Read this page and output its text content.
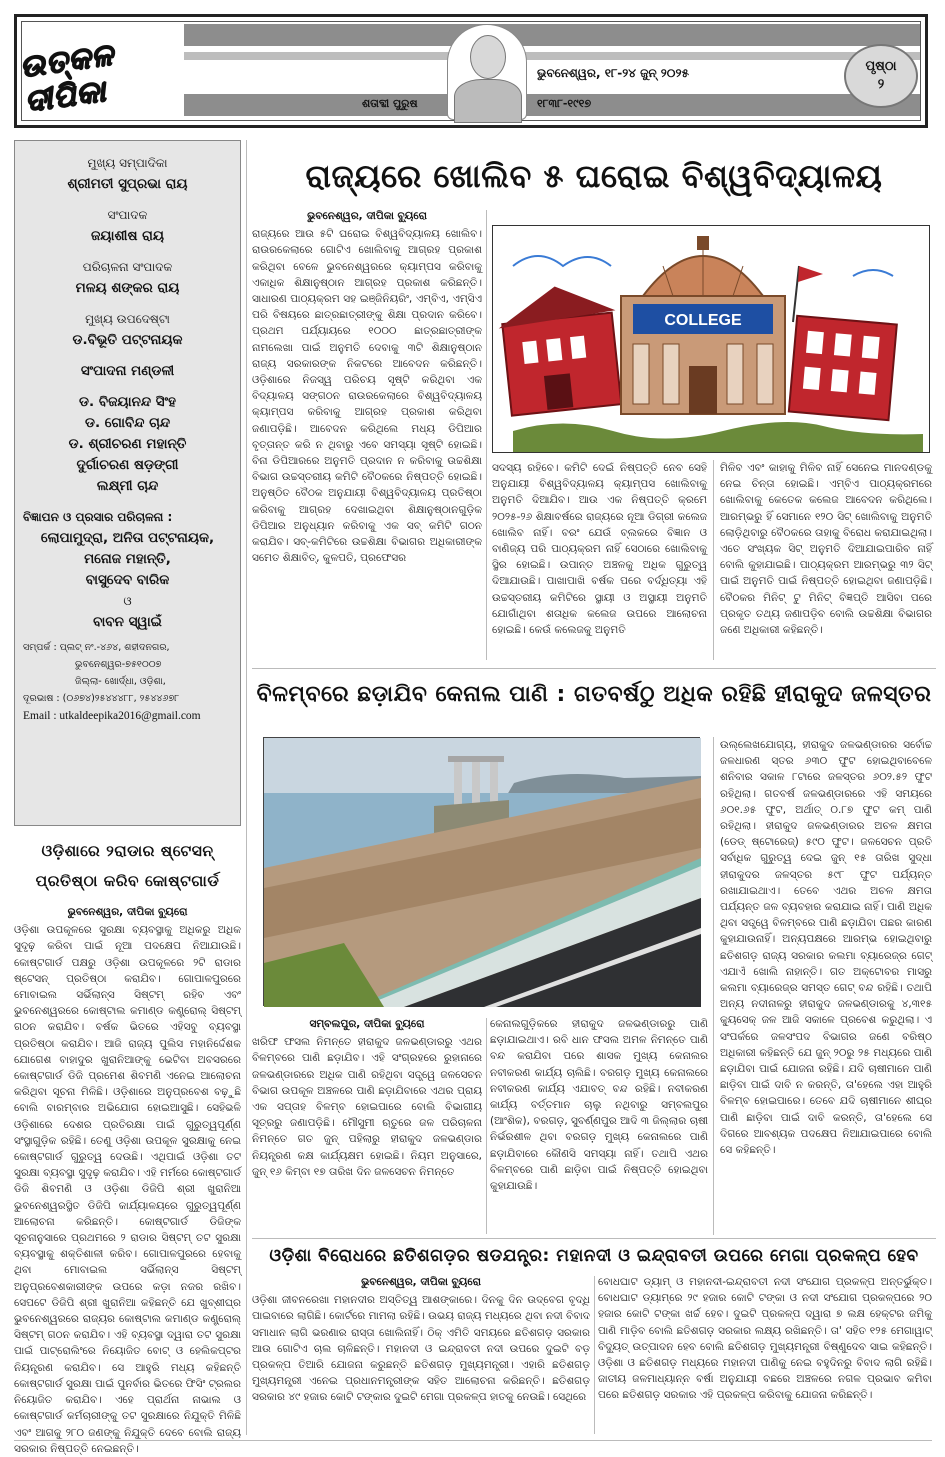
ଉତ୍କଳ ଦୀପିକା
ଭୁବନେଶ୍ୱର, ୧୮-୨୪ ଜୁନ୍ ୨୦୨୫
ଶତାବ୍ଦୀ ପୁରୁଷ	୧୮୩୮-୧୯୧୭
ପୃଷ୍ଠା
୨
ମୁଖ୍ୟ ସମ୍ପାଦିକା
ଶ୍ରୀମତୀ ସୁପ୍ରଭା ରାୟ
ସଂପାଦକ
ଜୟାଶୀଷ ରାୟ
ପରିଚାଳନା ସଂପାଦକ
ମଳୟ ଶଙ୍କର ରାୟ
ମୁଖ୍ୟ ଉପଦେଷ୍ଟା
ଡ.ବିଭୂତି ପଟ୍ଟନାୟକ
ସଂପାଦନା ମଣ୍ଡଳୀ
ଡ. ବିଜୟାନନ୍ଦ ସିଂହ
ଡ. ଗୋବିନ୍ଦ ଚାନ୍ଦ
ଡ. ଶ୍ରୀଚରଣ ମହାନ୍ତି
ଦୁର୍ଗାଚରଣ ଷଡ଼ଙ୍ଗୀ
ଲକ୍ଷ୍ମୀ ଚାନ୍ଦ
ବିଜ୍ଞାପନ ଓ ପ୍ରସାର ପରିଚାଳନା :
ଲୋପାମୁଦ୍ରା, ଅନିତା ପଟ୍ଟନାୟକ,
ମନୋଜ ମହାନ୍ତି,
ବାସୁଦେବ ବାରିକ
ଓ
ବାବନ ସ୍ୱାଇଁ
ସମ୍ପର୍କ : ପ୍ଲଟ୍ ନଂ.-୪୬୪, ଶହୀଦନଗର,
ଭୁବନେଶ୍ୱର-୭୫୧୦୦୭
ଜିଲ୍ଲା- ଖୋର୍ଦ୍ଧା, ଓଡ଼ିଶା,
ଦୂରଭାଷ : (୦୬୭୪)୨୫୪୪୪୮୮, ୨୫୪୪୬୭୮
Email : utkaldeepika2016@gmail.com
ରାଜ୍ୟରେ ଖୋଲିବ ୫ ଘରୋଇ ବିଶ୍ୱବିଦ୍ୟାଳୟ
ଭୁବନେଶ୍ୱର, ଦୀପିକା ବ୍ୟୁରୋ
ରାଜ୍ୟରେ ଆଉ ୫ଟି ଘରୋଇ ବିଶ୍ୱବିଦ୍ୟାଳୟ ଖୋଲିବ। ରାଉରକେଲାରେ ଗୋଟିଏ ଖୋଲିବାକୁ ଆଗ୍ରହ ପ୍ରକାଶ କରିଥିବା ବେଳେ ଭୁବନେଶ୍ୱରରେ କ୍ୟାମ୍ପସ କରିବାକୁ ଏକାଧିକ ଶିକ୍ଷାନୁଷ୍ଠାନ ଆଗ୍ରହ ପ୍ରକାଶ କରିଛନ୍ତି। ସାଧାରଣ ପାଠ୍ୟକ୍ରମ ସହ ଇଞ୍ଜିନିୟରିଂ, ଏମ୍ବିଏ, ଏମ୍ସିଏ ପରି ବିଷୟରେ ଛାତ୍ରଛାତ୍ରୀଙ୍କୁ ଶିକ୍ଷା ପ୍ରଦାନ କରିବେ। ପ୍ରଥମ ପର୍ଯ୍ୟାୟରେ ୧୦୦୦ ଛାତ୍ରଛାତ୍ରୀଙ୍କ ନାମଲେଖା ପାଇଁ ଅନୁମତି ଦେବାକୁ ୩ଟି ଶିକ୍ଷାନୁଷ୍ଠାନ ରାଜ୍ୟ ସରକାରଙ୍କ ନିକଟରେ ଆବେଦନ କରିଛନ୍ତି। ଓଡ଼ିଶାରେ ନିଜସ୍ୱ ପରିଚୟ ସୃଷ୍ଟି କରିଥିବା ଏକ ବିଦ୍ୟାଳୟ ସଙ୍ଗଠନ ରାଉରକେଲାରେ ବିଶ୍ୱବିଦ୍ୟାଳୟ କ୍ୟାମ୍ପସ କରିବାକୁ ଆଗ୍ରହ ପ୍ରକାଶ କରିଥିବା ଜଣାପଡ଼ିଛି। ଆବେଦନ କରିଥିଲେ ମଧ୍ୟ ଡିପିଆର ବୃତ୍ତାନ୍ତ କରି ନ ଥିବାରୁ ଏବେ ସମସ୍ୟା ସୃଷ୍ଟି ହୋଇଛି। ବିନା ଡିପିଆରରେ ଅନୁମତି ପ୍ରଦାନ ନ କରିବାକୁ ଉଚ୍ଚଶିକ୍ଷା ବିଭାଗ ଉଚ୍ଚସ୍ତରୀୟ କମିଟି ବୈଠକରେ ନିଷ୍ପତ୍ତି ହୋଇଛି। ଅନୁଷ୍ଠିତ ବୈଠକ ଅନୁଯାୟୀ ବିଶ୍ୱବିଦ୍ୟାଳୟ ପ୍ରତିଷ୍ଠା କରିବାକୁ ଆଗ୍ରହ ଦେଖାଇଥିବା ଶିକ୍ଷାନୁଷ୍ଠାନଗୁଡ଼ିକ ଡିପିଆର ଅନୁଧ୍ୟାନ କରିବାକୁ ଏକ ସବ୍ କମିଟି ଗଠନ କରାଯିବ। ସବ୍-କମିଟିରେ ଉଚ୍ଚଶିକ୍ଷା ବିଭାଗର ଅଧିକାରୀଙ୍କ ସମେତ ଶିକ୍ଷାବିତ୍, କୁଳପତି, ପ୍ରଫେସର
COLLEGE
ସଦସ୍ୟ ରହିବେ। କମିଟି ଦେଇଁ ନିଷ୍ପତ୍ତି ନେବ ସେହି ଅନୁଯାୟୀ ବିଶ୍ୱବିଦ୍ୟାଳୟ କ୍ୟାମ୍ପସ ଖୋଲିବାକୁ ଅନୁମତି ଦିଆଯିବ। ଆଉ ଏକ ନିଷ୍ପତ୍ତି କ୍ରମେ ୨୦୨୫-୨୬ ଶିକ୍ଷାବର୍ଷରେ ରାଜ୍ୟରେ ନୂଆ ଡିଗ୍ରୀ କଲେଜ ଖୋଲିବ ନାହିଁ। ବରଂ ଯେଉଁ ବ୍ଲକରେ ବିଜ୍ଞାନ ଓ ବାଣିଜ୍ୟ ପରି ପାଠ୍ୟକ୍ରମ ନାହିଁ ସେଠାରେ ଖୋଲିବାକୁ ସ୍ଥିର ହୋଇଛି। ଉପାନ୍ତ ଅଞ୍ଚଳକୁ ଅଧିକ ଗୁରୁତ୍ୱ ଦିଆଯାଉଛି। ପାଖାପାଖି ବର୍ଷକ ପରେ ବର୍ଦ୍ଧିତ୍ୟା ଏହି ଉଚ୍ଚସ୍ତରୀୟ କମିଟିରେ ସ୍ଥାୟୀ ଓ ଅସ୍ଥାୟୀ ଅନୁମତି ଯୋଗାଁଥିବା ଶତାଧିକ କଲେଜ ଉପରେ ଆଲୋଚନା ହୋଇଛି। କେଉଁ କଲେଜକୁ ଅନୁମତି
ମିଳିବ ଏବଂ କାହାକୁ ମିଳିବ ନାହିଁ ସେନେଇ ମାନଦଣ୍ଡକୁ ନେଇ ଚିନ୍ତା ହୋଇଛି। ଏମ୍ବିଏ ପାଠ୍ୟକ୍ରମରେ ଖୋଲିବାକୁ କେତେକ କଲେଜ ଆବେଦନ କରିଥିଲେ। ଆରମ୍ଭରୁ ହିଁ ସେମାନେ ୧୨୦ ସିଟ୍ ଖୋଲିବାକୁ ଅନୁମତି ଲୋଡ଼ିଥିବାରୁ ବୈଠକରେ ତାହାକୁ ବିରୋଧ କରାଯାଇଥିଲା। ଏତେ ସଂଖ୍ୟକ ସିଟ୍ ଅନୁମତି ଦିଆଯାଇପାରିବ ନାହିଁ ବୋଲି କୁହାଯାଇଛି। ପାଠ୍ୟକ୍ରମ ଆରମ୍ଭରୁ ୩୨ ସିଟ୍ ପାଇଁ ଅନୁମତି ପାଇଁ ନିଷ୍ପତ୍ତି ହୋଇଥିବା ଜଣାପଡ଼ିଛି। ବୈଠକର ମିନିଟ୍ ଟୁ ମିନିଟ୍ ବିଜ୍ଞପ୍ତି ଆସିବା ପରେ ପ୍ରକୃତ ତଥ୍ୟ ଜଣାପଡ଼ିବ ବୋଲି ଉଚ୍ଚଶିକ୍ଷା ବିଭାଗର ଜଣେ ଅଧିକାରୀ କହିଛନ୍ତି।
ବିଳମ୍ବରେ ଛଡ଼ାଯିବ କେନାଲ ପାଣି : ଗତବର୍ଷଠୁ ଅଧିକ ରହିଛି ହୀରାକୁଦ ଜଳସ୍ତର
ଉଲ୍ଲେଖଯୋଗ୍ୟ, ହୀରାକୁଦ ଜଳଭଣ୍ଡାରର ସର୍ବୋଚ୍ଚ ଜଳଧାରଣ ସ୍ତର ୬୩୦ ଫୁଟ ହୋଇଥିବାବେଳେ ଶନିବାର ସକାଳ ୮ଟାରେ ଜଳସ୍ତର ୬୦୨.୫୨ ଫୁଟ ରହିଥିଲା। ଗତବର୍ଷ ଜଳଭଣ୍ଡାରରେ ଏହି ସମୟରେ ୬୦୧.୬୫ ଫୁଟ, ଅର୍ଥାତ୍ ୦.୮୭ ଫୁଟ କମ୍ ପାଣି ରହିଥିଲା। ହୀରାକୁଦ ଜଳଭଣ୍ଡାରର ଅଚଳ କ୍ଷମତା (ଡେଡ୍ ଷ୍ଟୋରେଜ୍) ୫୯୦ ଫୁଟ। ଜଳସେଚନ ପ୍ରତି ସର୍ବାଧିକ ଗୁରୁତ୍ୱ ଦେଇ ଜୁନ୍ ୧୫ ତାରିଖ ସୁଦ୍ଧା ହୀରାକୁଦର ଜଳସ୍ତର ୫୯୮ ଫୁଟ ପର୍ଯ୍ୟନ୍ତ ରଖାଯାଇଥାଏ। ତେବେ ଏଥର ଅଚଳ କ୍ଷମତା ପର୍ଯ୍ୟନ୍ତ ଜଳ ବ୍ୟବହାର କରାଯାଇ ନାହିଁ। ପାଣି ଅଧିକ ଥିବା ସତ୍ତ୍ୱେ ବିଳମ୍ବରେ ପାଣି ଛଡ଼ାଯିବା ପଛର କାରଣ କୁହାଯାଉନାହିଁ। ଅନ୍ୟପକ୍ଷରେ ଆରମ୍ଭ ହୋଇଥିବାରୁ ଛତିଶଗଡ଼ ରାଜ୍ୟ ସରକାର କଲମା ବ୍ୟାରେଜ୍ର ଗେଟ୍ ଏଯାଏଁ ଖୋଲି ନାହାନ୍ତି। ଗତ ଅକ୍ଟୋବର ମାସରୁ କଲମା ବ୍ୟାରେଜ୍ର ସମସ୍ତ ଗେଟ୍ ବନ୍ଦ ରହିଛି। ତଥାପି ଅନ୍ୟ ନଦୀନାଳରୁ ହୀରାକୁଦ ଜଳଭଣ୍ଡାରକୁ ୪,୩୧୫ କ୍ୟୁସେକ୍ ଜଳ ଆଜି ସକାଳେ ପ୍ରବେଶ କରୁଥିଲା। ଏ ସଂପର୍କରେ ଜଳସଂପଦ ବିଭାଗର ଜଣେ ବରିଷ୍ଠ ଅଧିକାରୀ କହିଛନ୍ତି ଯେ ଜୁନ୍ ୨୦ରୁ ୨୫ ମଧ୍ୟରେ ପାଣି ଛଡ଼ାଯିବା ପାଇଁ ଯୋଜନା ରହିଛି। ଯଦି ଚାଷୀମାନେ ପାଣି ଛାଡ଼ିବା ପାଇଁ ଦାବି ନ କରନ୍ତି, ତା'ହେଲେ ଏହା ଆହୁରି ବିଳମ୍ବ ହୋଇପାରେ। ତେବେ ଯଦି ଚାଷୀମାନେ ଶୀଘ୍ର ପାଣି ଛାଡ଼ିବା ପାଇଁ ଦାବି କରନ୍ତି, ତା'ହେଲେ ସେ ଦିଗରେ ଆବଶ୍ୟକ ପଦକ୍ଷେପ ନିଆଯାଇପାରେ ବୋଲି ସେ କହିଛନ୍ତି।
ସମ୍ବଲପୁର, ଦୀପିକା ବ୍ୟୁରୋ
ଖରିଫ ଫସଲ ନିମନ୍ତେ ହୀରାକୁଦ ଜଳଭଣ୍ଡାରରୁ ଏଥର ବିଳମ୍ବରେ ପାଣି ଛଡ଼ାଯିବ। ଏହି ସଂଗ୍ରହରେ ରୁହାନାରେ ଜଳଭଣ୍ଡାରରେ ଅଧିକ ପାଣି ରହିଥିବା ସତ୍ତ୍ୱେ ଜଳସେଚନ ବିଭାଗ ଉପକୂଳ ଅଞ୍ଚଳରେ ପାଣି ଛଡ଼ାଯିବାରେ ଏଥର ପ୍ରାୟ ଏକ ସପ୍ତାହ ବିଳମ୍ବ ହୋଇପାରେ ବୋଲି ବିଭାଗୀୟ ସୂତ୍ରରୁ ଜଣାପଡ଼ିଛି। ମୌସୁମୀ ଋତୁରେ ଜଳ ପରିଚାଳନା ନିମନ୍ତେ ଗତ ଜୁନ୍ ପହିଲାରୁ ହୀରାକୁଦ ଜଳଭଣ୍ଡାର ନିୟନ୍ତ୍ରଣ କକ୍ଷ କାର୍ଯ୍ୟକ୍ଷମ ହୋଇଛି। ନିୟମ ଅନୁସାରେ, ଜୁନ୍ ୧୬ କିମ୍ବା ୧୭ ତାରିଖ ଦିନ ଜଳସେଚନ ନିମନ୍ତେ
କେନାଲଗୁଡ଼ିକରେ ହୀରାକୁଦ ଜଳଭଣ୍ଡାରରୁ ପାଣି ଛଡ଼ାଯାଇଥାଏ। ରବି ଧାନ ଫସଲ ଅମଳ ନିମନ୍ତେ ପାଣି ବନ୍ଦ କରାଯିବା ପରେ ଶାସକ ମୁଖ୍ୟ କେନାଲର ନବୀକରଣ କାର୍ଯ୍ୟ ଚାଲିଛି। ବରଗଡ଼ ମୁଖ୍ୟ କେନାଲରେ ନବୀକରଣ କାର୍ଯ୍ୟ ଏଯାବତ୍ ବନ୍ଦ ରହିଛି। ନବୀକରଣ କାର୍ଯ୍ୟ ବର୍ତ୍ତମାନ ଚାଲୁ ନଥିବାରୁ ସମ୍ବଲପୁର (ଆଂଶିକ), ବରଗଡ଼, ସୁବର୍ଣ୍ଣପୁର ଆଦି ୩ ଜିଲ୍ଲାର ଚାଷୀ ନିର୍ଭରଶୀଳ ଥିବା ବରଗଡ଼ ମୁଖ୍ୟ କେନାଲରେ ପାଣି ଛଡ଼ାଯିବାରେ କୌଣସି ସମସ୍ୟା ନାହିଁ। ତଥାପି ଏଥର ବିଳମ୍ବରେ ପାଣି ଛାଡ଼ିବା ପାଇଁ ନିଷ୍ପତ୍ତି ହୋଇଥିବା କୁହାଯାଉଛି।
ଓଡ଼ିଶାରେ ୨ରାଡାର ଷ୍ଟେସନ୍ ପ୍ରତିଷ୍ଠା କରିବ କୋଷ୍ଟଗାର୍ଡ
ଭୁବନେଶ୍ୱର, ଦୀପିକା ବ୍ୟୁରୋ
ଓଡ଼ିଶା ଉପକୂଳରେ ସୁରକ୍ଷା ବ୍ୟବସ୍ଥାକୁ ଅଧିକରୁ ଅଧିକ ସୁଦୃଢ଼ କରିବା ପାଇଁ ନୂଆ ପଦକ୍ଷେପ ନିଆଯାଉଛି। କୋଷ୍ଟଗାର୍ଡ ପକ୍ଷରୁ ଓଡ଼ିଶା ଉପକୂଳରେ ୨ଟି ରାଡାର ଷ୍ଟେସନ୍ ପ୍ରତିଷ୍ଠା କରାଯିବ। ଗୋପାଳପୁରରେ ମୋବାଇଲ ସର୍ଭିଲାନ୍ସ ସିଷ୍ଟମ୍ ରହିବ ଏବଂ ଭୁବନେଶ୍ୱରରେ କୋଷ୍ଟାଲ କମାଣ୍ଡ କଣ୍ଟ୍ରୋଲ୍ ସିଷ୍ଟମ୍ ଗଠନ କରାଯିବ। ବର୍ଷକ ଭିତରେ ଏହିସବୁ ବ୍ୟବସ୍ଥା ପ୍ରତିଷ୍ଠା କରାଯିବ। ଆଜି ରାଜ୍ୟ ପୁଲିସ ମହାନିର୍ଦ୍ଦେଶକ ଯୋଗେଶ ବାହାଦୁର ଖୁରାନିଆଙ୍କୁ ଭେଟିବା ଅବସରରେ କୋଷ୍ଟଗାର୍ଡ ଡିଜି ପ୍ରମେଶ ଶିବମଣି ଏନେଇ ଆଲୋଚନା କରିଥିବା ସୂଚନା ମିଳିଛି। ଓଡ଼ିଶାରେ ଅନୁପ୍ରବେଶ ବଢ଼ୁଛି ବୋଲି ବାରମ୍ବାର ଅଭିଯୋଗ ହୋଇଆସୁଛି। ସେହିଭଳି ଓଡ଼ିଶାରେ ଦେଶର ପ୍ରତିରକ୍ଷା ପାଇଁ ଗୁରୁତ୍ୱପୂର୍ଣ୍ଣ ସଂସ୍ଥାଗୁଡ଼ିକ ରହିଛି। ତେଣୁ ଓଡ଼ିଶା ଉପକୂଳ ସୁରକ୍ଷାକୁ ନେଇ କୋଷ୍ଟଗାର୍ଡ ଗୁରୁତ୍ୱ ଦେଉଛି। ଏଥିପାଇଁ ଓଡ଼ିଶା ତଟ ସୁରକ୍ଷା ବ୍ୟବସ୍ଥା ସୁଦୃଢ଼ କରାଯିବ। ଏହି ମର୍ମରେ କୋଷ୍ଟଗାର୍ଡ ଡିଜି ଶିବମଣି ଓ ଓଡ଼ିଶା ଡିଜିପି ଶ୍ରୀ ଖୁରାନିଆ ଭୁବନେଶ୍ୱରସ୍ଥିତ ଡିଜିପି କାର୍ଯ୍ୟାଳୟରେ ଗୁରୁତ୍ୱପୂର୍ଣ୍ଣ ଆଲୋଚନା କରିଛନ୍ତି। କୋଷ୍ଟଗାର୍ଡ ଡିଜିଙ୍କ ସୂଚନାନୁସାରେ ପ୍ରଥମରେ ୨ ରାଡାର ସିଷ୍ଟମ୍ ତଟ ସୁରକ୍ଷା ବ୍ୟବସ୍ଥାକୁ ଶକ୍ତିଶାଳୀ କରିବ। ଗୋପାଳପୁରରେ ହେବାକୁ ଥିବା ମୋବାଇଲ ସର୍ଭିଲାନ୍ସ ସିଷ୍ଟମ୍ ଅନୁପ୍ରବେଶକାରୀଙ୍କ ଉପରେ କଡ଼ା ନଜର ରଖିବ। ସେପଟେ ଡିଜିପି ଶ୍ରୀ ଖୁରାନିଆ କହିଛନ୍ତି ଯେ ଖୁବ୍ଶୀଘ୍ର ଭୁବନେଶ୍ୱରରେ ରାଜ୍ୟର କୋଷ୍ଟାଲ କମାଣ୍ଡ କଣ୍ଟ୍ରୋଲ୍ ସିଷ୍ଟମ୍ ଗଠନ କରାଯିବ। ଏହି ବ୍ୟବସ୍ଥା ଦ୍ୱାରା ତଟ ସୁରକ୍ଷା ପାଇଁ ପାଟ୍ରୋଲିଂରେ ନିୟୋଜିତ ବୋଟ୍ ଓ ହେଲିକପ୍ଟର ନିୟନ୍ତ୍ରଣ କରାଯିବ। ସେ ଆହୁରି ମଧ୍ୟ କହିଛନ୍ତି କୋଷ୍ଟଗାର୍ଡ ସୁରକ୍ଷା ପାଇଁ ପୁନର୍ବାର ଭିତରେ ଫିସିଂ ଟ୍ରଲର ନିୟୋଜିତ କରାଯିବ। ଏହେ ପ୍ରାର୍ଥନା ନାଭାଲ ଓ କୋଷ୍ଟଗାର୍ଡ କର୍ମଚାରୀଙ୍କୁ ତଟ ସୁରକ୍ଷାରେ ନିଯୁକ୍ତି ମିଳିଛି ଏବଂ ଆଗକୁ ୨୮୦ ଜଣଙ୍କୁ ନିଯୁକ୍ତି ଦେବେ ବୋଲି ରାଜ୍ୟ ସରକାର ନିଷ୍ପତ୍ତି ନେଇଛନ୍ତି।
ଓଡ଼ିଶା ବିରୋଧରେ ଛତିଶଗଡ଼ର ଷଡଯନ୍ତ୍ର: ମହାନଦୀ ଓ ଇନ୍ଦ୍ରାବତୀ ଉପରେ ମେଗା ପ୍ରକଳ୍ପ ହେବ
ଭୁବନେଶ୍ୱର, ଦୀପିକା ବ୍ୟୁରୋ
ଓଡ଼ିଶା ଜୀବନରେଖା ମହାନଦୀର ଅସ୍ତିତ୍ୱ ଆଶଙ୍କାରେ। ଦିନକୁ ଦିନ ଉଦ୍‌ବେଗ ବୃଦ୍ଧି ପାଇବାରେ ଲାଗିଛି। କୋର୍ଟରେ ମାମଲା ରହିଛି। ଉଭୟ ରାଜ୍ୟ ମଧ୍ୟରେ ଥିବା ନଦୀ ବିବାଦ ସମାଧାନ ଲାଗି ଭରଣାର ରାସ୍ତା ଖୋଲିନାହିଁ। ଠିକ୍ ଏମିତି ସମୟରେ ଛତିଶଗଡ଼ ସରକାର ଆଉ ଗୋଟିଏ ଚାଲ ଚାଳିଛନ୍ତି। ମହାନଦୀ ଓ ଇନ୍ଦ୍ରାବତୀ ନଦୀ ଉପରେ ଦୁଇଟି ବଡ଼ ପ୍ରକଳ୍ପ ତିଆରି ଯୋଜନା କରୁଛନ୍ତି ଛତିଶଗଡ଼ ମୁଖ୍ୟମନ୍ତ୍ରୀ। ଏହାରି ଛତିଶଗଡ଼ ମୁଖ୍ୟମନ୍ତ୍ରୀ ଏନେଇ ପ୍ରଧାନମନ୍ତ୍ରୀଙ୍କ ସହିତ ଆଲୋଚନା କରିଛନ୍ତି। ଛତିଶଗଡ଼ ସରକାର ୪୯ ହଜାର କୋଟି ଟଙ୍କାର ଦୁଇଟି ମେଗା ପ୍ରକଳ୍ପ ହାତକୁ ନେଉଛି। ସେଥିରେ
ବୋଧଘାଟ ଡ୍ୟାମ୍ ଓ ମହାନଦୀ-ଇନ୍ଦ୍ରାବତୀ ନଦୀ ସଂଯୋଗ ପ୍ରକଳ୍ପ ଅନ୍ତର୍ଭୁକ୍ତ। ବୋଧଘାଟ ଡ୍ୟାମ୍‌ରେ ୨୯ ହଜାର କୋଟି ଟଙ୍କା ଓ ନଦୀ ସଂଯୋଗ ପ୍ରକଳ୍ପରେ ୨୦ ହଜାର କୋଟି ଟଙ୍କା ଖର୍ଚ୍ଚ ହେବ। ଦୁଇଟି ପ୍ରକଳ୍ପ ଦ୍ୱାରା ୭ ଲକ୍ଷ ହେକ୍ଟର ଜମିକୁ ପାଣି ମାଡ଼ିବ ବୋଲି ଛତିଶଗଡ଼ ସରକାର ଲକ୍ଷ୍ୟ ରଖିଛନ୍ତି। ତା' ସହିତ ୧୨୫ ମେଗାୱାଟ୍ ବିଦ୍ୟୁତ୍ ଉତ୍ପାଦନ ହେବ ବୋଲି ଛତିଶଗଡ଼ ମୁଖ୍ୟମନ୍ତ୍ରୀ ବିଷ୍ଣୁଦେବ ସାଇ କହିଛନ୍ତି। ଓଡ଼ିଶା ଓ ଛତିଶଗଡ଼ ମଧ୍ୟରେ ମହାନଦୀ ପାଣିକୁ ନେଇ ବହୁଦିନରୁ ବିବାଦ ଲାଗି ରହିଛି। ଜାତୀୟ ଜଳମାଧ୍ୟାନ୍ନ ବର୍ଷା ଅନୁଯାୟୀ ବଛରେ ଅଞ୍ଚଳରେ ନଗଳ ପ୍ରଭାବ କମିବା ପରେ ଛତିଶଗଡ଼ ସରକାର ଏହି ପ୍ରକଳ୍ପ କରିବାକୁ ଯୋଜନା କରିଛନ୍ତି।
